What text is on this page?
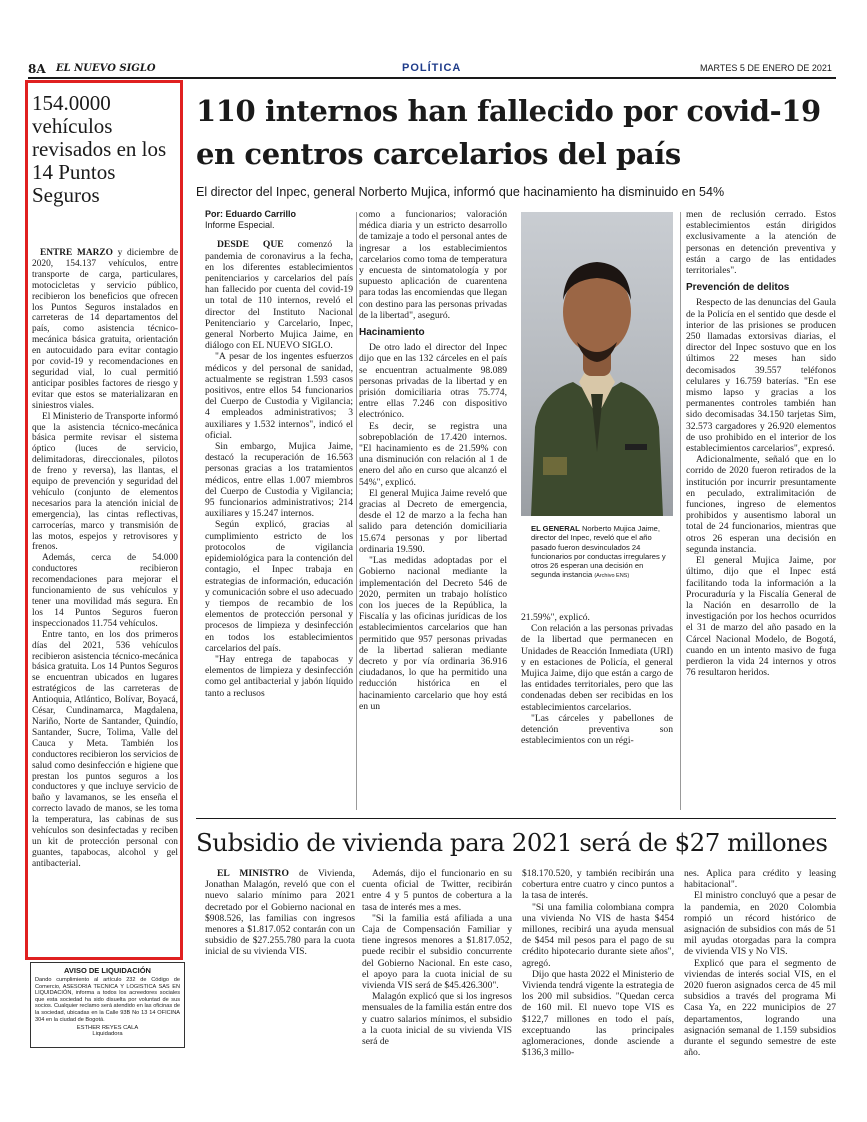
8A EL NUEVO SIGLO	POLÍTICA	MARTES 5 DE ENERO DE 2021
154.0000 vehículos revisados en los 14 Puntos Seguros

ENTRE MARZO y diciembre de 2020, 154.137 vehículos, entre transporte de carga, particulares, motocicletas y servicio público, recibieron los beneficios que ofrecen los Puntos Seguros instalados en carreteras de 14 departamentos del país, como asistencia técnico-mecánica básica gratuita, orientación en autocuidado para evitar contagio por covid-19 y recomendaciones en seguridad vial, lo cual permitió anticipar posibles factores de riesgo y evitar que estos se materializaran en siniestros viales.

El Ministerio de Transporte informó que la asistencia técnico-mecánica básica permite revisar el sistema óptico (luces de servicio, delimitadoras, direccionales, pilotos de freno y reversa), las llantas, el equipo de prevención y seguridad del vehículo (conjunto de elementos necesarios para la atención inicial de emergencia), las cintas reflectivas, carrocerías, marco y transmisión de las motos, espejos y retrovisores y frenos.

Además, cerca de 54.000 conductores recibieron recomendaciones para mejorar el funcionamiento de sus vehículos y tener una movilidad más segura. En los 14 Puntos Seguros fueron inspeccionados 11.754 vehículos.

Entre tanto, en los dos primeros días del 2021, 536 vehículos recibieron asistencia técnico-mecánica básica gratuita. Los 14 Puntos Seguros se encuentran ubicados en lugares estratégicos de las carreteras de Antioquia, Atlántico, Bolívar, Boyacá, César, Cundinamarca, Magdalena, Nariño, Norte de Santander, Quindío, Santander, Sucre, Tolima, Valle del Cauca y Meta. También los conductores recibieron los servicios de salud como desinfección e higiene que prestan los puntos seguros a los conductores y que incluye servicio de baño y lavamanos, se les enseña el correcto lavado de manos, se les toma la temperatura, las cabinas de sus vehículos son desinfectadas y reciben un kit de protección personal con guantes, tapabocas, alcohol y gel antibacterial.

AVISO DE LIQUIDACIÓN
Dando cumplimiento al artículo 232 de Código de Comercio, ASESORIA TECNICA Y LOGISTICA SAS EN LIQUIDACIÓN, informa a todos los acreedores sociales que esta sociedad ha sido disuelta por voluntad de sus socios. Cualquier reclamo será atendido en las oficinas de la sociedad, ubicadas en la Calle 93B No 13 14 OFICINA 304 en la ciudad de Bogotá.
ESTHER REYES CALA
Liquidadora
110 internos han fallecido por covid-19 en centros carcelarios del país
El director del Inpec, general Norberto Mujica, informó que hacinamiento ha disminuido en 54%
Por: Eduardo Carrillo
Informe Especial.

DESDE QUE comenzó la pandemia de coronavirus a la fecha, en los diferentes establecimientos penitenciarios y carcelarios del país han fallecido por cuenta del covid-19 un total de 110 internos, reveló el director del Instituto Nacional Penitenciario y Carcelario, Inpec, general Norberto Mujica Jaime, en diálogo con EL NUEVO SIGLO.

"A pesar de los ingentes esfuerzos médicos y del personal de sanidad, actualmente se registran 1.593 casos positivos, entre ellos 54 funcionarios del Cuerpo de Custodia y Vigilancia; 4 empleados administrativos; 3 auxiliares y 1.532 internos", indicó el oficial.

Sin embargo, Mujica Jaime, destacó la recuperación de 16.563 personas gracias a los tratamientos médicos, entre ellas 1.007 miembros del Cuerpo de Custodia y Vigilancia; 95 funcionarios administrativos; 214 auxiliares y 15.247 internos.

Según explicó, gracias al cumplimiento estricto de los protocolos de vigilancia epidemiológica para la contención del contagio, el Inpec trabaja en estrategias de información, educación y comunicación sobre el uso adecuado y tiempos de recambio de los elementos de protección personal y procesos de limpieza y desinfección en todos los establecimientos carcelarios del país.

"Hay entrega de tapabocas y elementos de limpieza y desinfección como gel antibacterial y jabón líquido tanto a reclusos

como a funcionarios; valoración médica diaria y un estricto desarrollo de tamizaje a todo el personal antes de ingresar a los establecimientos carcelarios como toma de temperatura y encuesta de sintomatología y por supuesto aplicación de cuarentena para todas las encomiendas que llegan con destino para las personas privadas de la libertad", aseguró.

Hacinamiento

De otro lado el director del Inpec dijo que en las 132 cárceles en el país se encuentran actualmente 98.089 personas privadas de la libertad y en prisión domiciliaria otras 75.774, entre ellas 7.246 con dispositivo electrónico.

Es decir, se registra una sobrepoblación de 17.420 internos. "El hacinamiento es de 21.59% con una disminución con relación al 1 de enero del año en curso que alcanzó el 54%", explicó.

El general Mujica Jaime reveló que gracias al Decreto de emergencia, desde el 12 de marzo a la fecha han salido para detención domiciliaria 15.674 personas y por libertad ordinaria 19.590.

"Las medidas adoptadas por el Gobierno nacional mediante la implementación del Decreto 546 de 2020, permiten un trabajo holístico con los jueces de la República, la Fiscalía y las oficinas jurídicas de los establecimientos carcelarios que han permitido que 957 personas privadas de la libertad salieran mediante decreto y por vía ordinaria 36.916 ciudadanos, lo que ha permitido una reducción histórica en el hacinamiento carcelario que hoy está en un

EL GENERAL Norberto Mujica Jaime, director del Inpec, reveló que el año pasado fueron desvinculados 24 funcionarios por conductas irregulares y otros 26 esperan una decisión en segunda instancia (Archivo ENS)

21.59%", explicó.

Con relación a las personas privadas de la libertad que permanecen en Unidades de Reacción Inmediata (URI) y en estaciones de Policía, el general Mujica Jaime, dijo que están a cargo de las entidades territoriales, pero que las condenadas deben ser recibidas en los establecimientos carcelarios.

"Las cárceles y pabellones de detención preventiva son establecimientos con un régi-

men de reclusión cerrado. Estos establecimientos están dirigidos exclusivamente a la atención de personas en detención preventiva y están a cargo de las entidades territoriales".

Prevención de delitos

Respecto de las denuncias del Gaula de la Policía en el sentido que desde el interior de las prisiones se producen 250 llamadas extorsivas diarias, el director del Inpec sostuvo que en los últimos 22 meses han sido decomisados 39.557 teléfonos celulares y 16.759 baterías. "En ese mismo lapso y gracias a los permanentes controles también han sido decomisadas 34.150 tarjetas Sim, 32.573 cargadores y 26.920 elementos de uso prohibido en el interior de los establecimientos carcelarios", expresó.

Adicionalmente, señaló que en lo corrido de 2020 fueron retirados de la institución por incurrir presuntamente en peculado, extralimitación de funciones, ingreso de elementos prohibidos y ausentismo laboral un total de 24 funcionarios, mientras que otros 26 esperan una decisión en segunda instancia.

El general Mujica Jaime, por último, dijo que el Inpec está facilitando toda la información a la Procuraduría y la Fiscalía General de la Nación en desarrollo de la investigación por los hechos ocurridos el 31 de marzo del año pasado en la Cárcel Nacional Modelo, de Bogotá, cuando en un intento masivo de fuga perdieron la vida 24 internos y otros 76 resultaron heridos.

Subsidio de vivienda para 2021 será de $27 millones

EL MINISTRO de Vivienda, Jonathan Malagón, reveló que con el nuevo salario mínimo para 2021 decretado por el Gobierno nacional en $908.526, las familias con ingresos menores a $1.817.052 contarán con un subsidio de $27.255.780 para la cuota inicial de su vivienda VIS.

Además, dijo el funcionario en su cuenta oficial de Twitter, recibirán entre 4 y 5 puntos de cobertura a la tasa de interés mes a mes.

"Si la familia está afiliada a una Caja de Compensación Familiar y tiene ingresos menores a $1.817.052, puede recibir el subsidio concurrente del Gobierno Nacional. En este caso, el apoyo para la cuota inicial de su vivienda VIS será de $45.426.300".

Malagón explicó que si los ingresos mensuales de la familia están entre dos y cuatro salarios mínimos, el subsidio a la cuota inicial de su vivienda VIS será de

$18.170.520, y también recibirán una cobertura entre cuatro y cinco puntos a la tasa de interés.

"Si una familia colombiana compra una vivienda No VIS de hasta $454 millones, recibirá una ayuda mensual de $454 mil pesos para el pago de su crédito hipotecario durante siete años", agregó.

Dijo que hasta 2022 el Ministerio de Vivienda tendrá vigente la estrategia de los 200 mil subsidios. "Quedan cerca de 160 mil. El nuevo tope VIS es $122,7 millones en todo el país, exceptuando las principales aglomeraciones, donde asciende a $136,3 millo-

nes. Aplica para crédito y leasing habitacional".

El ministro concluyó que a pesar de la pandemia, en 2020 Colombia rompió un récord histórico de asignación de subsidios con más de 51 mil ayudas otorgadas para la compra de vivienda VIS y No VIS.

Explicó que para el segmento de viviendas de interés social VIS, en el 2020 fueron asignados cerca de 45 mil subsidios a través del programa Mi Casa Ya, en 222 municipios de 27 departamentos, logrando una asignación semanal de 1.159 subsidios durante el segundo semestre de este año.
